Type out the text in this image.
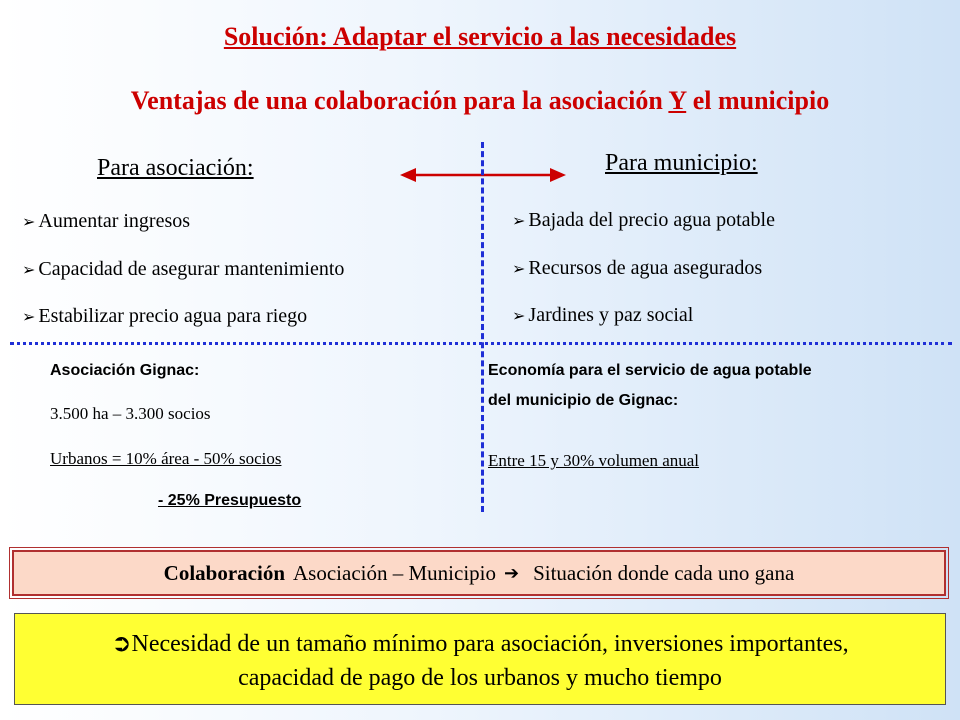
Solución: Adaptar el servicio a las necesidades
Ventajas de una colaboración para la asociación Y el municipio
Para asociación:	Para municipio:
➢ Aumentar ingresos
➢ Capacidad de asegurar mantenimiento
➢ Estabilizar precio agua para riego
➢ Bajada del precio agua potable
➢ Recursos de agua asegurados
➢ Jardines y paz social
Asociación Gignac:
3.500 ha – 3.300 socios
Urbanos = 10% área - 50% socios
- 25% Presupuesto
Economía para el servicio de agua potable
del municipio de Gignac:
Entre 15 y 30% volumen anual
Colaboración Asociación – Municipio ➔ Situación donde cada uno gana
➲Necesidad de un tamaño mínimo para asociación, inversiones importantes,
capacidad de pago de los urbanos y mucho tiempo
